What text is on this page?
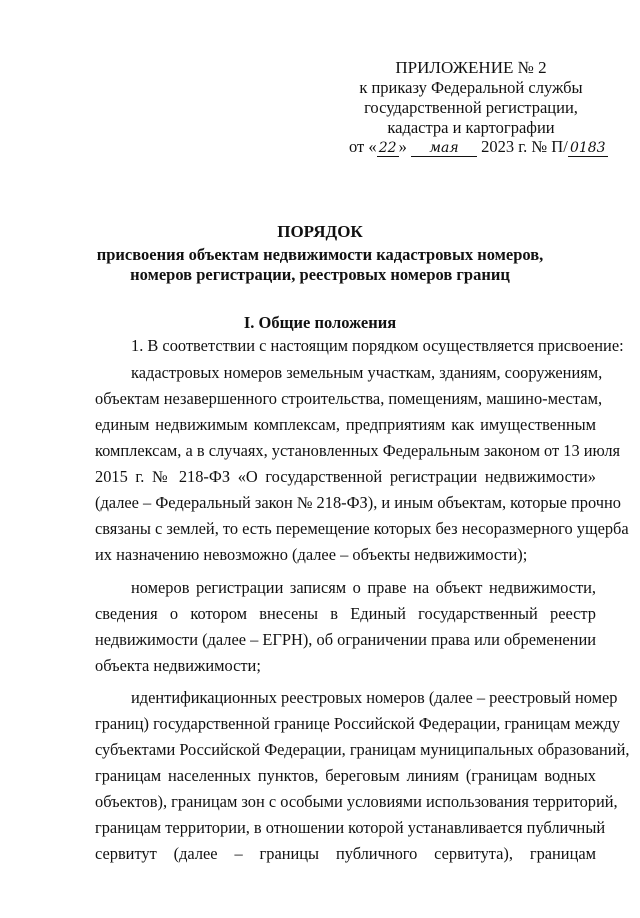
ПРИЛОЖЕНИЕ № 2
к приказу Федеральной службы
государственной регистрации,
кадастра и картографии
от « 22 » мая 2023 г. № П/ 0183
ПОРЯДОК
присвоения объектам недвижимости кадастровых номеров,
номеров регистрации, реестровых номеров границ
I. Общие положения
1. В соответствии с настоящим порядком осуществляется присвоение:
кадастровых номеров земельным участкам, зданиям, сооружениям,
объектам незавершенного строительства, помещениям, машино-местам,
единым недвижимым комплексам, предприятиям как имущественным
комплексам, а в случаях, установленных Федеральным законом от 13 июля
2015 г. № 218-ФЗ «О государственной регистрации недвижимости»
(далее – Федеральный закон № 218-ФЗ), и иным объектам, которые прочно
связаны с землей, то есть перемещение которых без несоразмерного ущерба
их назначению невозможно (далее – объекты недвижимости);
номеров регистрации записям о праве на объект недвижимости,
сведения о котором внесены в Единый государственный реестр
недвижимости (далее – ЕГРН), об ограничении права или обременении
объекта недвижимости;
идентификационных реестровых номеров (далее – реестровый номер
границ) государственной границе Российской Федерации, границам между
субъектами Российской Федерации, границам муниципальных образований,
границам населенных пунктов, береговым линиям (границам водных
объектов), границам зон с особыми условиями использования территорий,
границам территории, в отношении которой устанавливается публичный
сервитут (далее – границы публичного сервитута), границам
